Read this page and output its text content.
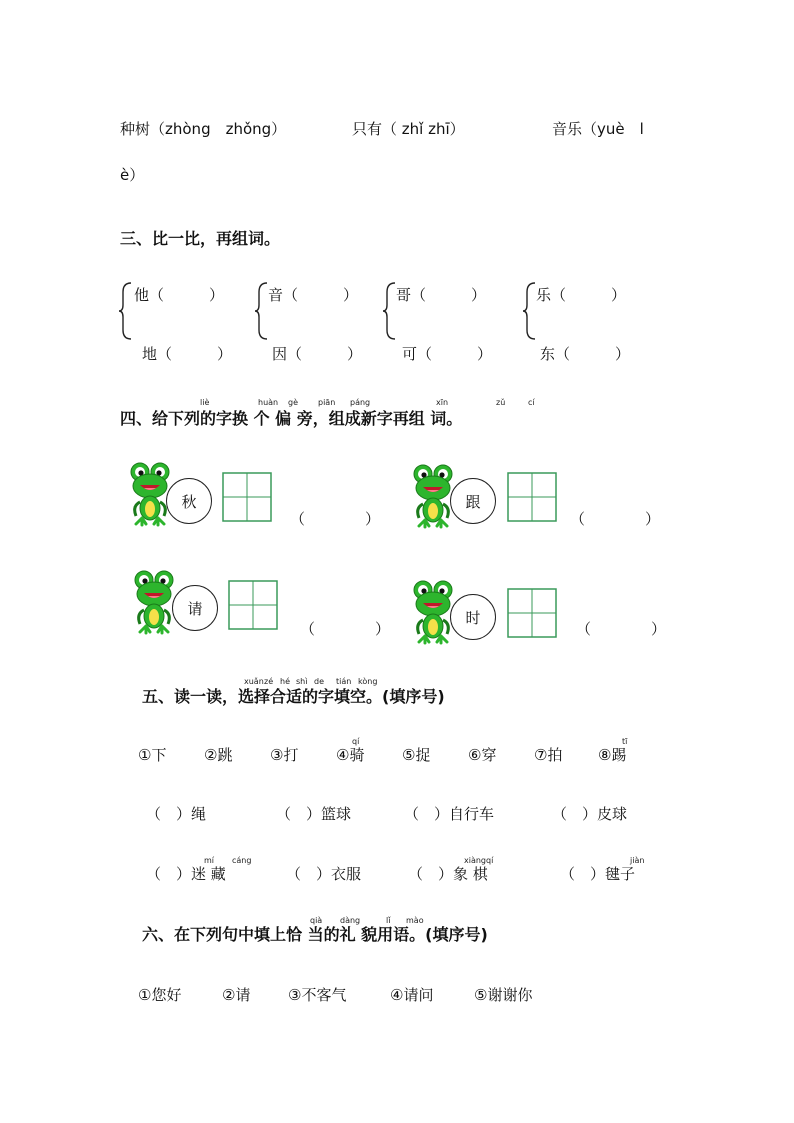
种树（zhòng　zhǒng）	只有（ zhǐ zhī）	音乐（yuè　l
è）
三、比一比，再组词。
他（　　　）
地（　　　）
音（　　　）
因（　　　）
哥（　　　）
可（　　　）
乐（　　　）
东（　　　）
liè	huàn gè	piān páng	xīn	zǔ	cí
四、给下列的字换 个 偏 旁，组成新字再组 词。
秋
（　　　　）
跟
（　　　　）
请
（　　　　）
时
（　　　　）
xuǎn zé hé shì de tián kòng
五、读一读，选择合适的字填空。(填序号)
qí	tī
①下	②跳	③打	④骑	⑤捉	⑥穿	⑦拍 ⑧踢
（　）绳	（　）篮球	（　）自行车	（　）皮球
mí cáng	xiàngqí	jiàn
（　）迷 藏	（　）衣服	（　）象 棋	（　）毽子
qià dàng	lǐ mào
六、在下列句中填上恰 当的礼 貌用语。(填序号)
①您好	②请	③不客气	④请问	⑤谢谢你
